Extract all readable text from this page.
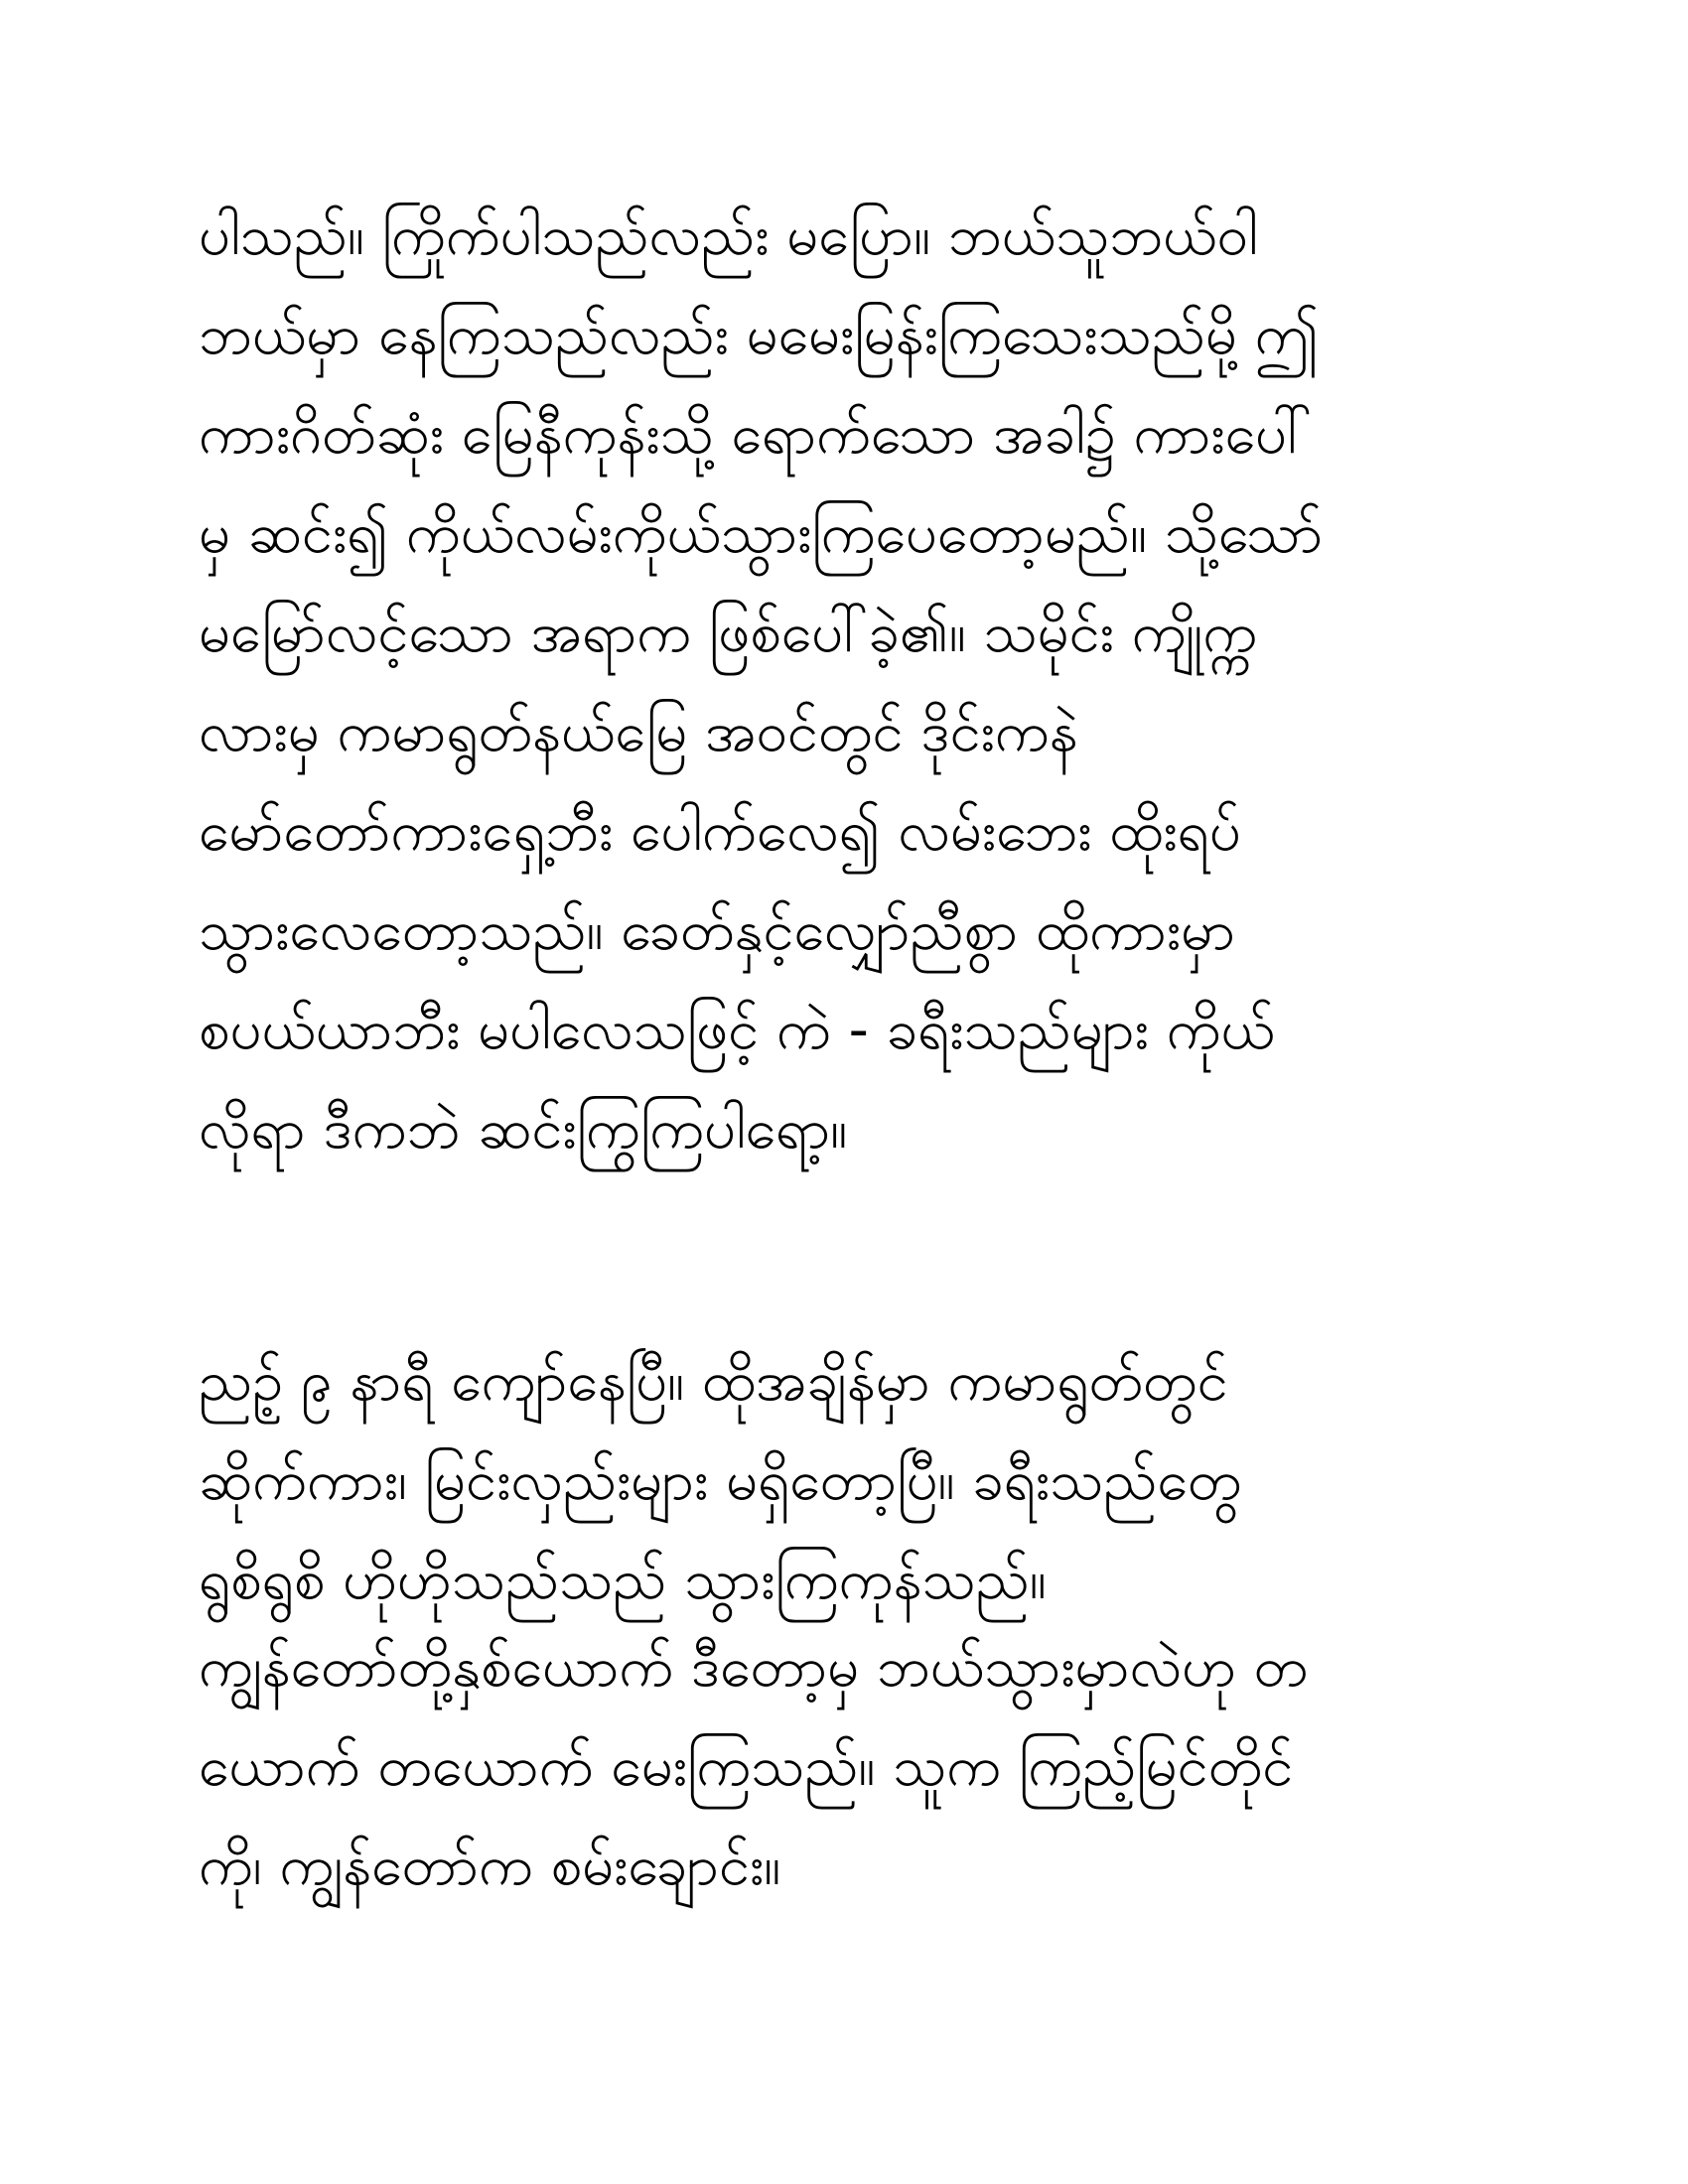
ပါသည်။ ကြိုက်ပါသည်လည်း မပြော။ ဘယ်သူဘယ်ဝါ
ဘယ်မှာ နေကြသည်လည်း မမေးမြန်းကြသေးသည်မို့ ဤ
ကားဂိတ်ဆုံး မြေနီကုန်းသို့ ရောက်သော အခါ၌ ကားပေါ်
မှ ဆင်း၍ ကိုယ်လမ်းကိုယ်သွားကြပေတော့မည်။ သို့သော်
မမြော်လင့်သော အရာက ဖြစ်ပေါ်ခဲ့၏။ သမိုင်း ကျိုက္က
လားမှ ကမာရွတ်နယ်မြေ အဝင်တွင် ဒိုင်းကနဲ
မော်တော်ကားရှေ့ဘီး ပေါက်လေ၍ လမ်းဘေး ထိုးရပ်
သွားလေတော့သည်။ ခေတ်နှင့်လျှော်ညီစွာ ထိုကားမှာ
စပယ်ယာဘီး မပါလေသဖြင့် ကဲ - ခရီးသည်များ ကိုယ်
လိုရာ ဒီကဘဲ ဆင်းကြွကြပါရော့။
ညဉ့် ၉ နာရီ ကျော်နေပြီ။ ထိုအချိန်မှာ ကမာရွတ်တွင်
ဆိုက်ကား၊ မြင်းလှည်းများ မရှိတော့ပြီ။ ခရီးသည်တွေ
ရွစိရွစိ ဟိုဟိုသည်သည် သွားကြကုန်သည်။
ကျွန်တော်တို့နှစ်ယောက် ဒီတော့မှ ဘယ်သွားမှာလဲဟု တ
ယောက် တယောက် မေးကြသည်။ သူက ကြည့်မြင်တိုင်
ကို၊ ကျွန်တော်က စမ်းချောင်း။
